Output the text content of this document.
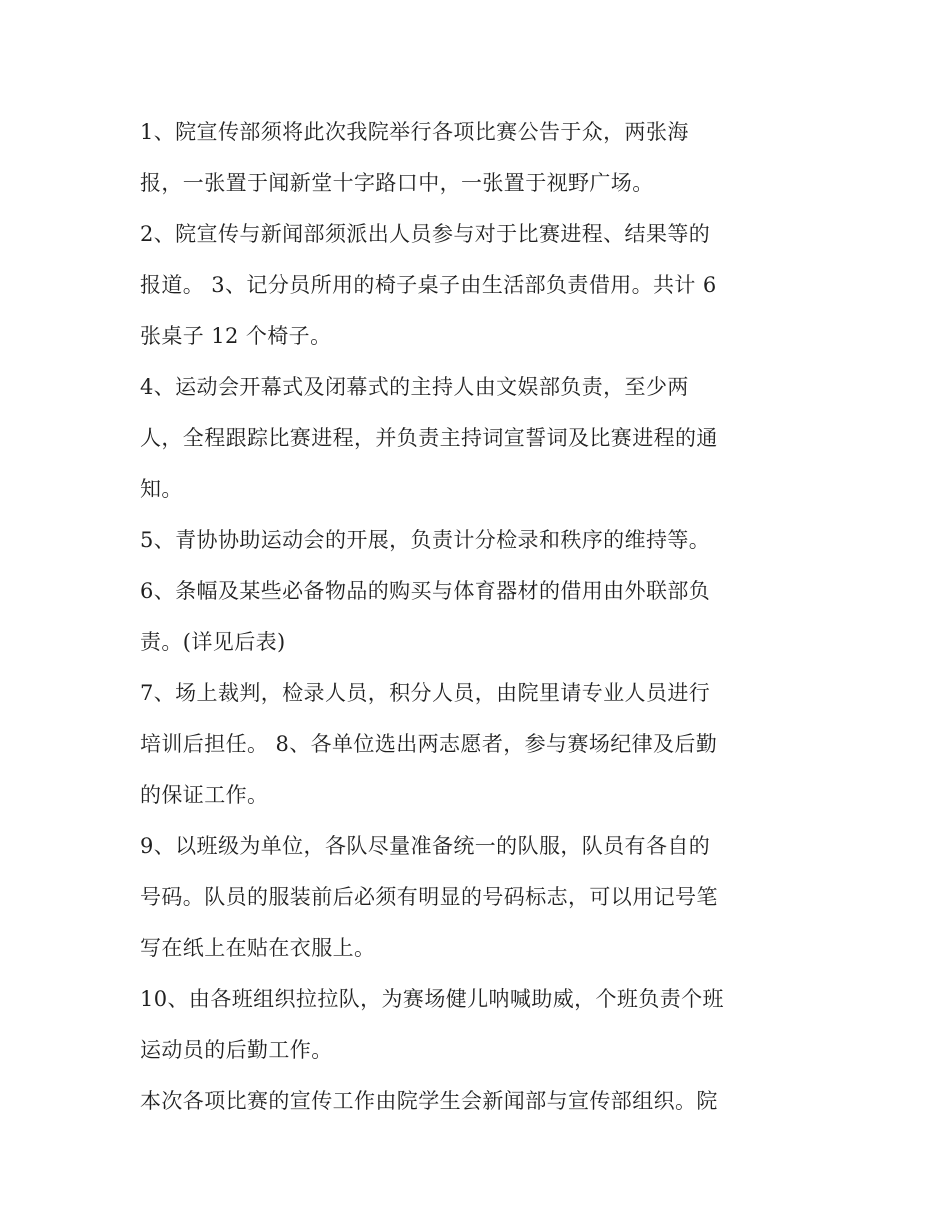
1、院宣传部须将此次我院举行各项比赛公告于众，两张海
报，一张置于闻新堂十字路口中，一张置于视野广场。
2、院宣传与新闻部须派出人员参与对于比赛进程、结果等的
报道。 3、记分员所用的椅子桌子由生活部负责借用。共计 6
张桌子 12 个椅子。
4、运动会开幕式及闭幕式的主持人由文娱部负责，至少两
人，全程跟踪比赛进程，并负责主持词宣誓词及比赛进程的通
知。
5、青协协助运动会的开展，负责计分检录和秩序的维持等。
6、条幅及某些必备物品的购买与体育器材的借用由外联部负
责。(详见后表)
7、场上裁判，检录人员，积分人员，由院里请专业人员进行
培训后担任。 8、各单位选出两志愿者，参与赛场纪律及后勤
的保证工作。
9、以班级为单位，各队尽量准备统一的队服，队员有各自的
号码。队员的服装前后必须有明显的号码标志，可以用记号笔
写在纸上在贴在衣服上。
10、由各班组织拉拉队，为赛场健儿呐喊助威，个班负责个班
运动员的后勤工作。
本次各项比赛的宣传工作由院学生会新闻部与宣传部组织。院
